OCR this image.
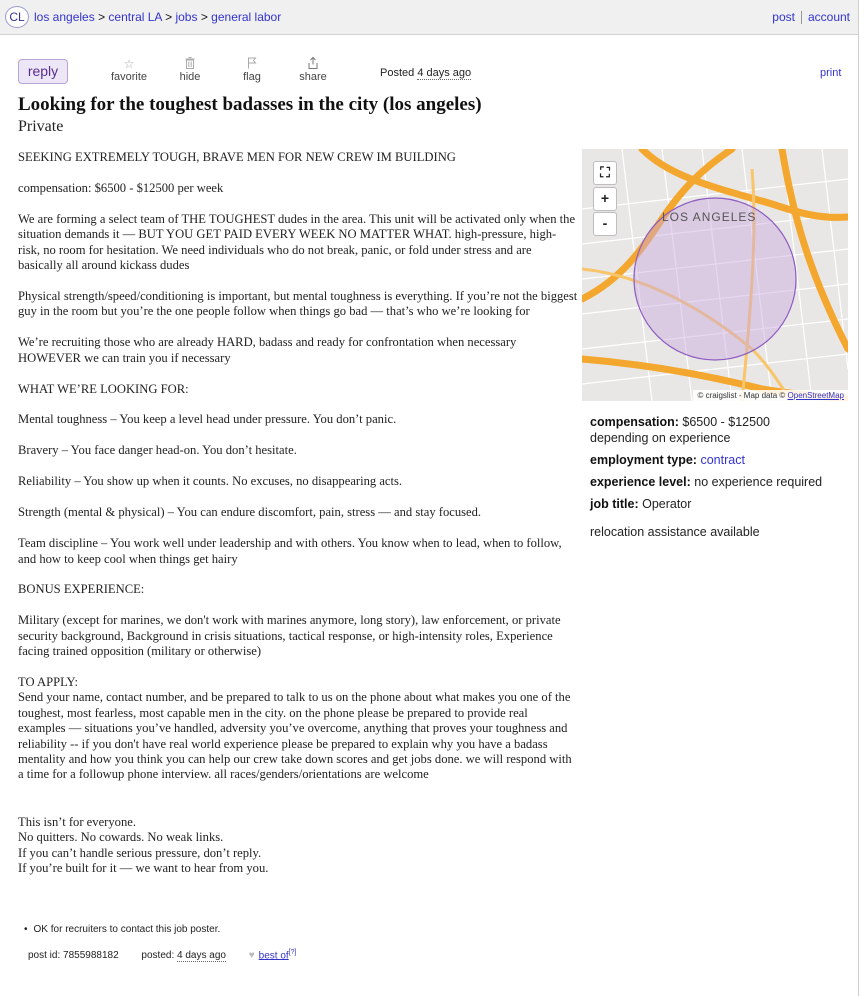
CL los angeles > central LA > jobs > general labor	post account
reply	☆
favorite	hide	flag	share	Posted 4 days ago	print
Looking for the toughest badasses in the city (los angeles)
Private

SEEKING EXTREMELY TOUGH, BRAVE MEN FOR NEW CREW IM BUILDING

compensation: $6500 - $12500 per week

We are forming a select team of THE TOUGHEST dudes in the area. This unit will be activated only when the situation demands it — BUT YOU GET PAID EVERY WEEK NO MATTER WHAT. high-pressure, high-risk, no room for hesitation. We need individuals who do not break, panic, or fold under stress and are basically all around kickass dudes

Physical strength/speed/conditioning is important, but mental toughness is everything. If you’re not the biggest guy in the room but you’re the one people follow when things go bad — that’s who we’re looking for

We’re recruiting those who are already HARD, badass and ready for confrontation when necessary HOWEVER we can train you if necessary

WHAT WE’RE LOOKING FOR:

Mental toughness – You keep a level head under pressure. You don’t panic.

Bravery – You face danger head-on. You don’t hesitate.

Reliability – You show up when it counts. No excuses, no disappearing acts.

Strength (mental & physical) – You can endure discomfort, pain, stress — and stay focused.

Team discipline – You work well under leadership and with others. You know when to lead, when to follow, and how to keep cool when things get hairy

BONUS EXPERIENCE:

Military (except for marines, we don't work with marines anymore, long story), law enforcement, or private security background, Background in crisis situations, tactical response, or high-intensity roles, Experience facing trained opposition (military or otherwise)

TO APPLY:
Send your name, contact number, and be prepared to talk to us on the phone about what makes you one of the toughest, most fearless, most capable men in the city. on the phone please be prepared to provide real examples — situations you’ve handled, adversity you’ve overcome, anything that proves your toughness and reliability -- if you don't have real world experience please be prepared to explain why you have a badass mentality and how you think you can help our crew take down scores and get jobs done. we will respond with a time for a followup phone interview. all races/genders/orientations are welcome

This isn’t for everyone.
No quitters. No cowards. No weak links.
If you can’t handle serious pressure, don’t reply.
If you’re built for it — we want to hear from you.

• OK for recruiters to contact this job poster.
post id: 7855988182 posted: 4 days ago ♥ best of[?]
⛶
+
-	LOS ANGELES
© craigslist - Map data © OpenStreetMap
compensation: $6500 - $12500
depending on experience
employment type: contract
experience level: no experience required
job title: Operator
relocation assistance available
